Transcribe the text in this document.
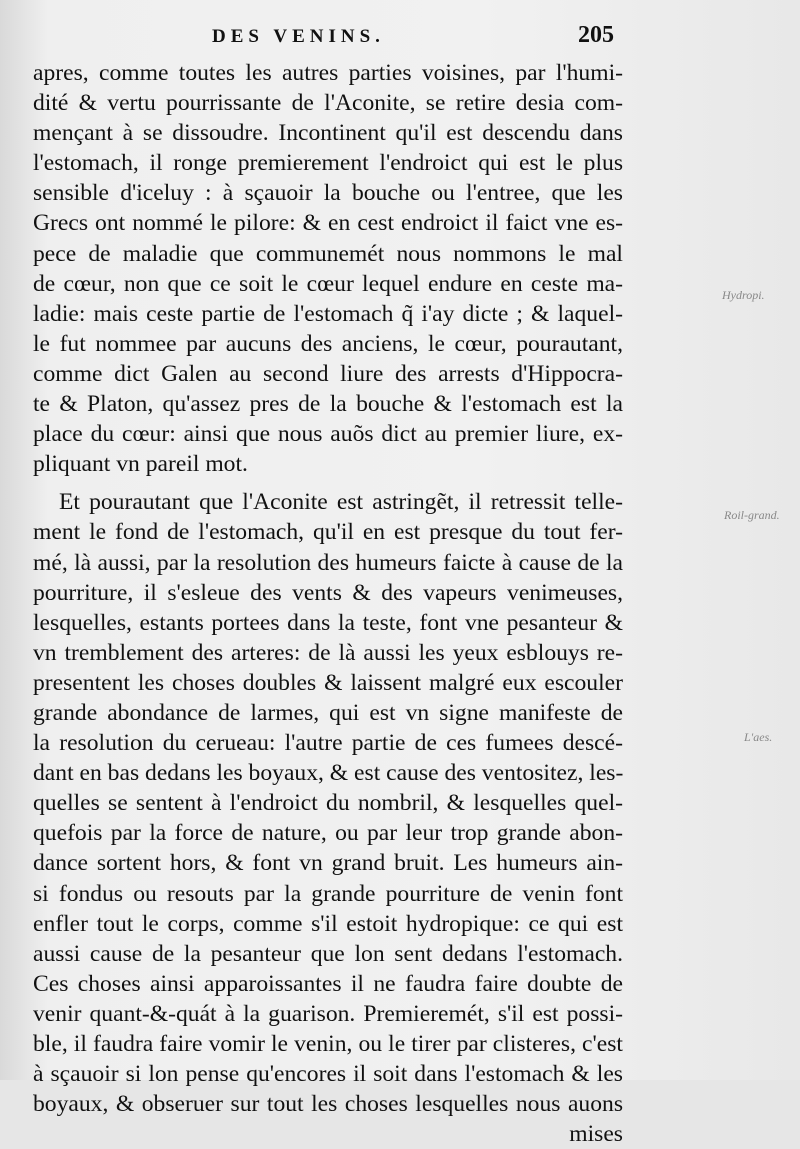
DES VENINS.	205
Hydropi.
Roil-grand.
L'aes.
apres, comme toutes les autres parties voisines, par l'humi-
dité & vertu pourrissante de l'Aconite, se retire desia com-
mençant à se dissoudre. Incontinent qu'il est descendu dans
l'estomach, il ronge premierement l'endroict qui est le plus
sensible d'iceluy : à sçauoir la bouche ou l'entree, que les
Grecs ont nommé le pilore: & en cest endroict il faict vne es-
pece de maladie que communemét nous nommons le mal
de cœur, non que ce soit le cœur lequel endure en ceste ma-
ladie: mais ceste partie de l'estomach q̃ i'ay dicte ; & laquel-
le fut nommee par aucuns des anciens, le cœur, pourautant,
comme dict Galen au second liure des arrests d'Hippocra-
te & Platon, qu'assez pres de la bouche & l'estomach est la
place du cœur: ainsi que nous auõs dict au premier liure, ex-
pliquant vn pareil mot.
Et pourautant que l'Aconite est astringẽt, il retressit telle-
ment le fond de l'estomach, qu'il en est presque du tout fer-
mé, là aussi, par la resolution des humeurs faicte à cause de la
pourriture, il s'esleue des vents & des vapeurs venimeuses,
lesquelles, estants portees dans la teste, font vne pesanteur &
vn tremblement des arteres: de là aussi les yeux esblouys re-
presentent les choses doubles & laissent malgré eux escouler
grande abondance de larmes, qui est vn signe manifeste de
la resolution du cerueau: l'autre partie de ces fumees descé-
dant en bas dedans les boyaux, & est cause des ventositez, les-
quelles se sentent à l'endroict du nombril, & lesquelles quel-
quefois par la force de nature, ou par leur trop grande abon-
dance sortent hors, & font vn grand bruit. Les humeurs ain-
si fondus ou resouts par la grande pourriture de venin font
enfler tout le corps, comme s'il estoit hydropique: ce qui est
aussi cause de la pesanteur que lon sent dedans l'estomach.
Ces choses ainsi apparoissantes il ne faudra faire doubte de
venir quant-&-quát à la guarison. Premieremét, s'il est possi-
ble, il faudra faire vomir le venin, ou le tirer par clisteres, c'est
à sçauoir si lon pense qu'encores il soit dans l'estomach & les
boyaux, & obseruer sur tout les choses lesquelles nous auons
mises
